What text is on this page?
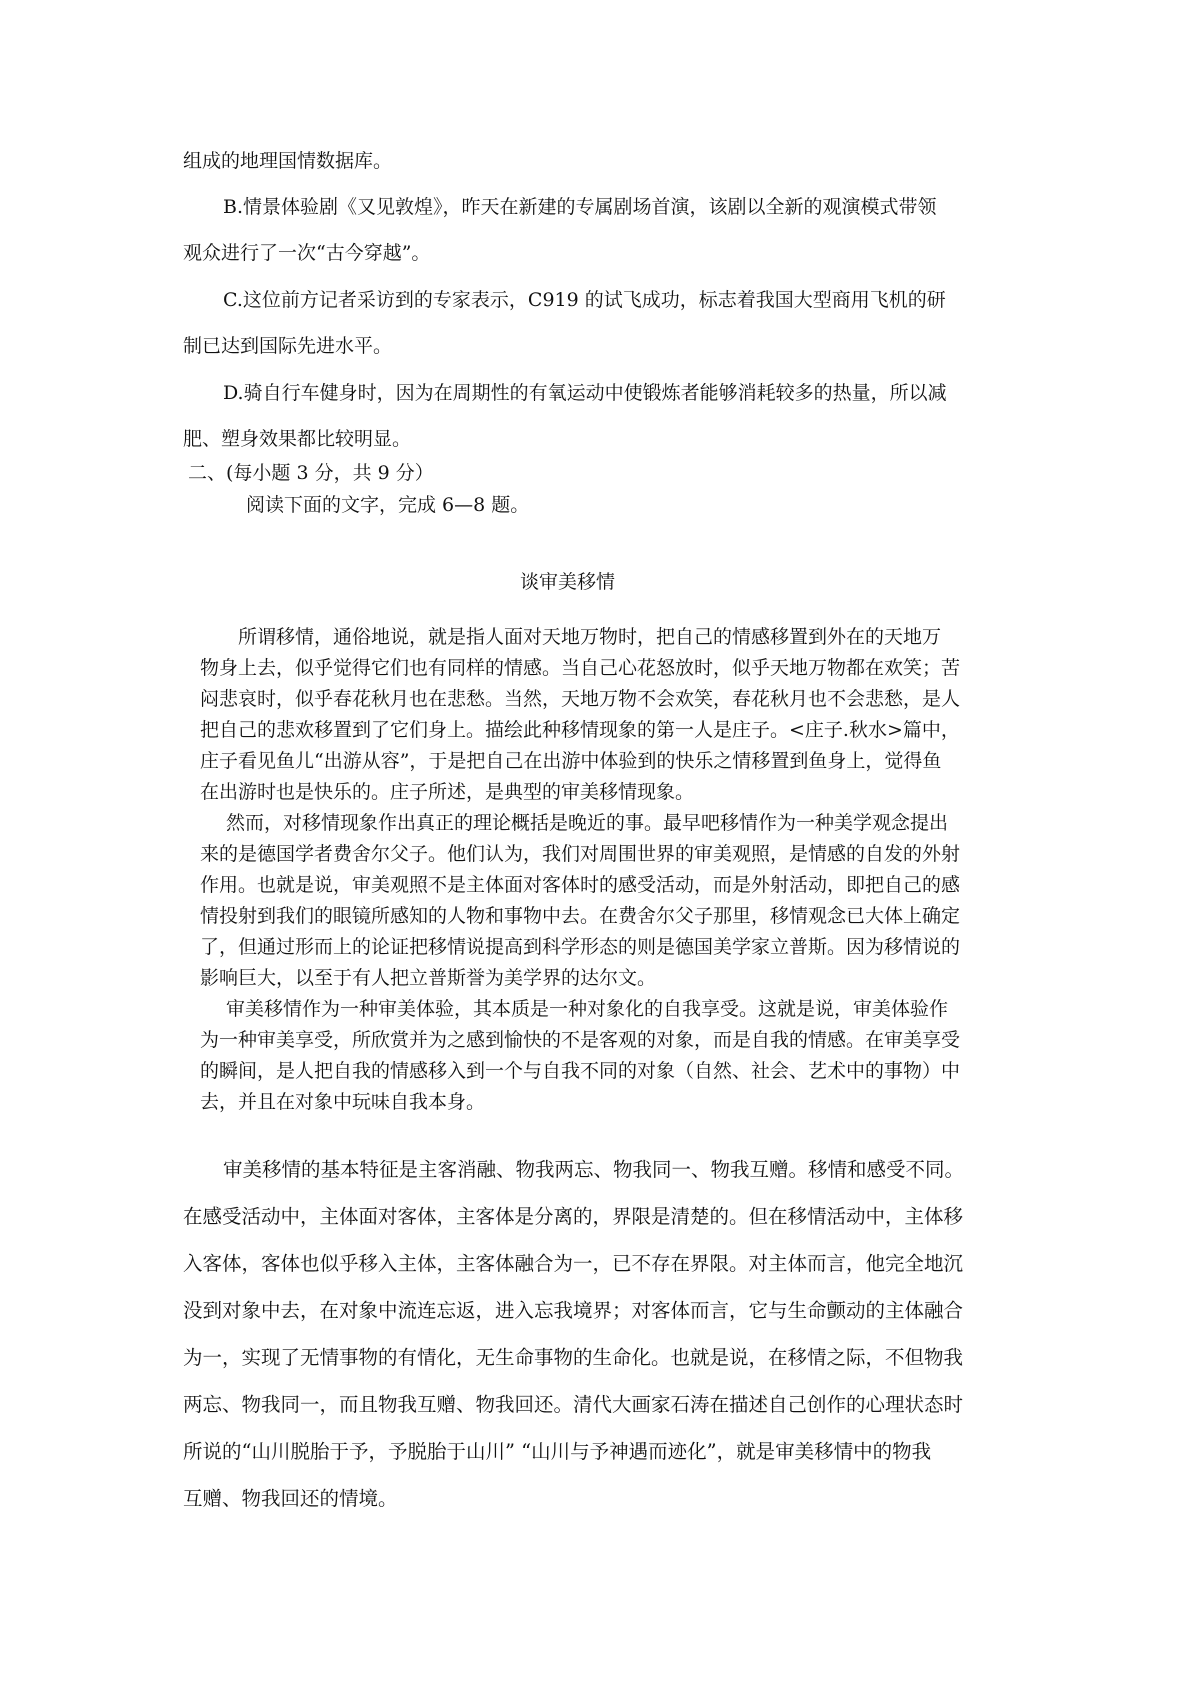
组成的地理国情数据库。
B.情景体验剧《又见敦煌》，昨天在新建的专属剧场首演，该剧以全新的观演模式带领
观众进行了一次“古今穿越”。
C.这位前方记者采访到的专家表示，C919 的试飞成功，标志着我国大型商用飞机的研
制已达到国际先进水平。
D.骑自行车健身时，因为在周期性的有氧运动中使锻炼者能够消耗较多的热量，所以减
肥、塑身效果都比较明显。
二、(每小题 3 分，共 9 分）
阅读下面的文字，完成 6—8 题。
谈审美移情
所谓移情，通俗地说，就是指人面对天地万物时，把自己的情感移置到外在的天地万
物身上去，似乎觉得它们也有同样的情感。当自己心花怒放时，似乎天地万物都在欢笑；苦
闷悲哀时，似乎春花秋月也在悲愁。当然，天地万物不会欢笑，春花秋月也不会悲愁，是人
把自己的悲欢移置到了它们身上。描绘此种移情现象的第一人是庄子。<庄子.秋水>篇中，
庄子看见鱼儿“出游从容”，于是把自己在出游中体验到的快乐之情移置到鱼身上，觉得鱼
在出游时也是快乐的。庄子所述，是典型的审美移情现象。
然而，对移情现象作出真正的理论概括是晚近的事。最早吧移情作为一种美学观念提出
来的是德国学者费舍尔父子。他们认为，我们对周围世界的审美观照，是情感的自发的外射
作用。也就是说，审美观照不是主体面对客体时的感受活动，而是外射活动，即把自己的感
情投射到我们的眼镜所感知的人物和事物中去。在费舍尔父子那里，移情观念已大体上确定
了，但通过形而上的论证把移情说提高到科学形态的则是德国美学家立普斯。因为移情说的
影响巨大，以至于有人把立普斯誉为美学界的达尔文。
审美移情作为一种审美体验，其本质是一种对象化的自我享受。这就是说，审美体验作
为一种审美享受，所欣赏并为之感到愉快的不是客观的对象，而是自我的情感。在审美享受
的瞬间，是人把自我的情感移入到一个与自我不同的对象（自然、社会、艺术中的事物）中
去，并且在对象中玩味自我本身。
审美移情的基本特征是主客消融、物我两忘、物我同一、物我互赠。移情和感受不同。
在感受活动中，主体面对客体，主客体是分离的，界限是清楚的。但在移情活动中，主体移
入客体，客体也似乎移入主体，主客体融合为一，已不存在界限。对主体而言，他完全地沉
没到对象中去，在对象中流连忘返，进入忘我境界；对客体而言，它与生命颤动的主体融合
为一，实现了无情事物的有情化，无生命事物的生命化。也就是说，在移情之际，不但物我
两忘、物我同一，而且物我互赠、物我回还。清代大画家石涛在描述自己创作的心理状态时
所说的“山川脱胎于予，予脱胎于山川” “山川与予神遇而迹化”，就是审美移情中的物我
互赠、物我回还的情境。
